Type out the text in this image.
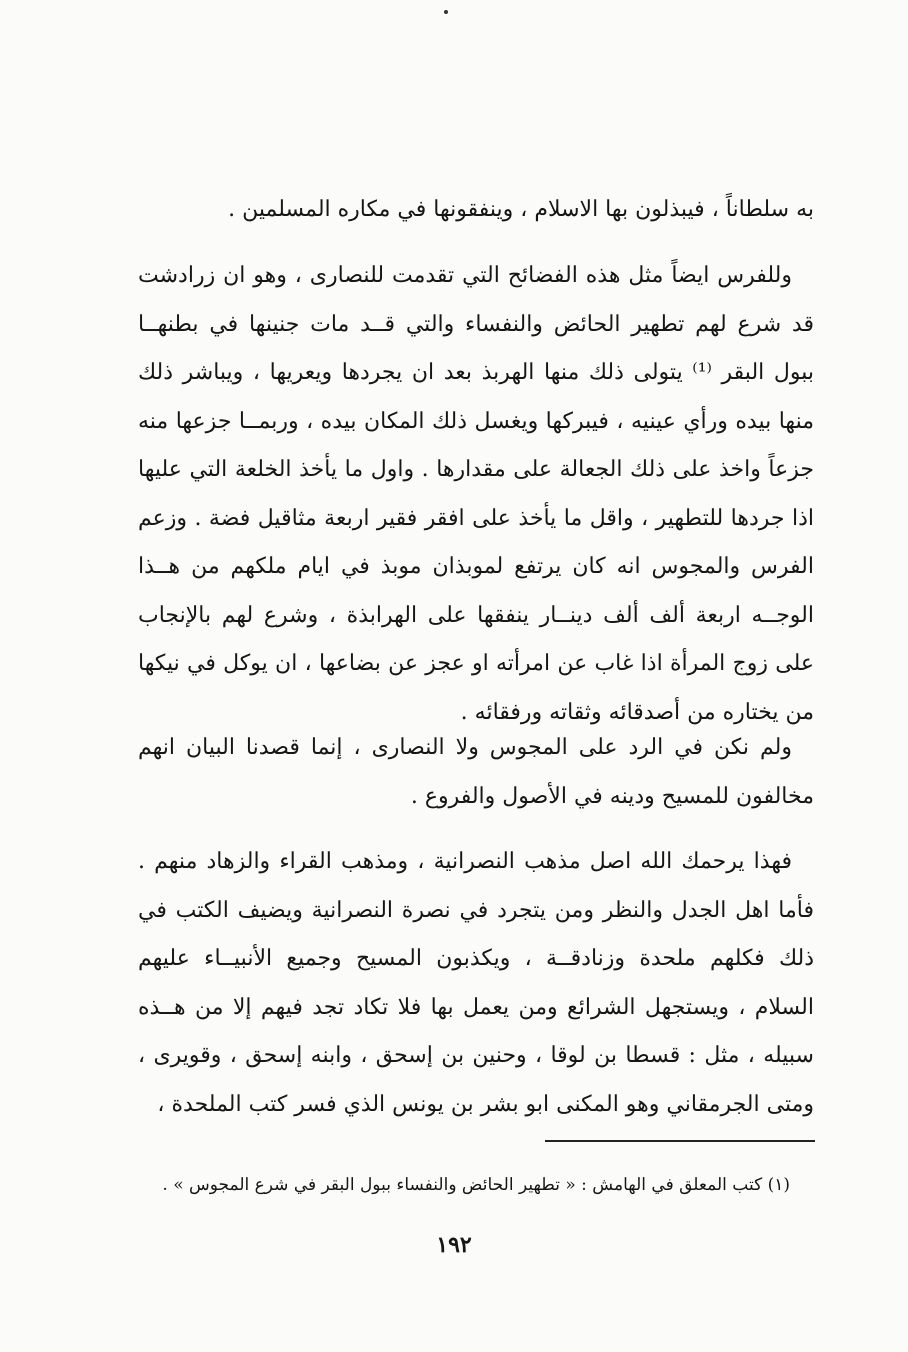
به سلطاناً ، فيبذلون بها الاسلام ، وينفقونها في مكاره المسلمين .

وللفرس ايضاً مثل هذه الفضائح التي تقدمت للنصارى ، وهو ان زرادشت قد شرع لهم تطهير الحائض والنفساء والتي قــد مات جنينها في بطنهــا ببول البقر ⁽¹⁾ يتولى ذلك منها الهربذ بعد ان يجردها ويعريها ، ويباشر ذلك منها بيده ورأي عينيه ، فيبركها ويغسل ذلك المكان بيده ، وربمــا جزعها منه جزعاً واخذ على ذلك الجعالة على مقدارها . واول ما يأخذ الخلعة التي عليها اذا جردها للتطهير ، واقل ما يأخذ على افقر فقير اربعة مثاقيل فضة . وزعم الفرس والمجوس انه كان يرتفع لموبذان موبذ في ايام ملكهم من هــذا الوجــه اربعة ألف ألف دينــار ينفقها على الهرابذة ، وشرع لهم بالإنجاب على زوج المرأة اذا غاب عن امرأته او عجز عن بضاعها ، ان يوكل في نيكها من يختاره من أصدقائه وثقاته ورفقائه .

ولم نكن في الرد على المجوس ولا النصارى ، إنما قصدنا البيان انهم مخالفون للمسيح ودينه في الأصول والفروع .

فهذا يرحمك الله اصل مذهب النصرانية ، ومذهب القراء والزهاد منهم . فأما اهل الجدل والنظر ومن يتجرد في نصرة النصرانية ويضيف الكتب في ذلك فكلهم ملحدة وزنادقــة ، ويكذبون المسيح وجميع الأنبيــاء عليهم السلام ، ويستجهل الشرائع ومن يعمل بها فلا تكاد تجد فيهم إلا من هــذه سبيله ، مثل : قسطا بن لوقا ، وحنين بن إسحق ، وابنه إسحق ، وقويرى ، ومتى الجرمقاني وهو المكنى ابو بشر بن يونس الذي فسر كتب الملحدة ،

(١) كتب المعلق في الهامش : « تطهير الحائض والنفساء ببول البقر في شرع المجوس » .

١٩٢
